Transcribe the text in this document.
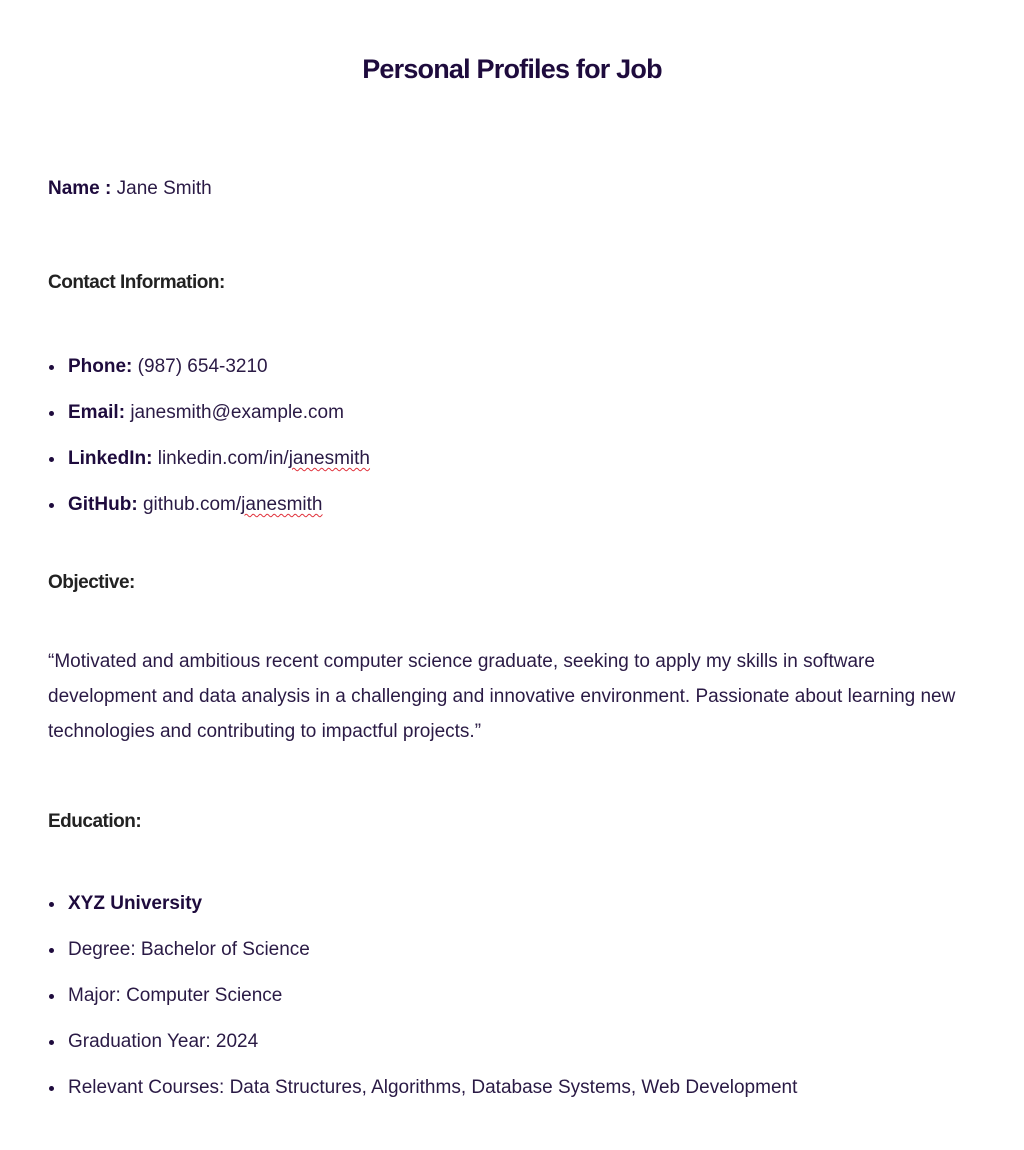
Personal Profiles for Job

Name : Jane Smith

Contact Information:
Phone: (987) 654-3210
Email: janesmith@example.com
LinkedIn: linkedin.com/in/janesmith
GitHub: github.com/janesmith
Objective:

“Motivated and ambitious recent computer science graduate, seeking to apply my skills in software development and data analysis in a challenging and innovative environment. Passionate about learning new technologies and contributing to impactful projects.”

Education:
XYZ University
Degree: Bachelor of Science
Major: Computer Science
Graduation Year: 2024
Relevant Courses: Data Structures, Algorithms, Database Systems, Web Development
